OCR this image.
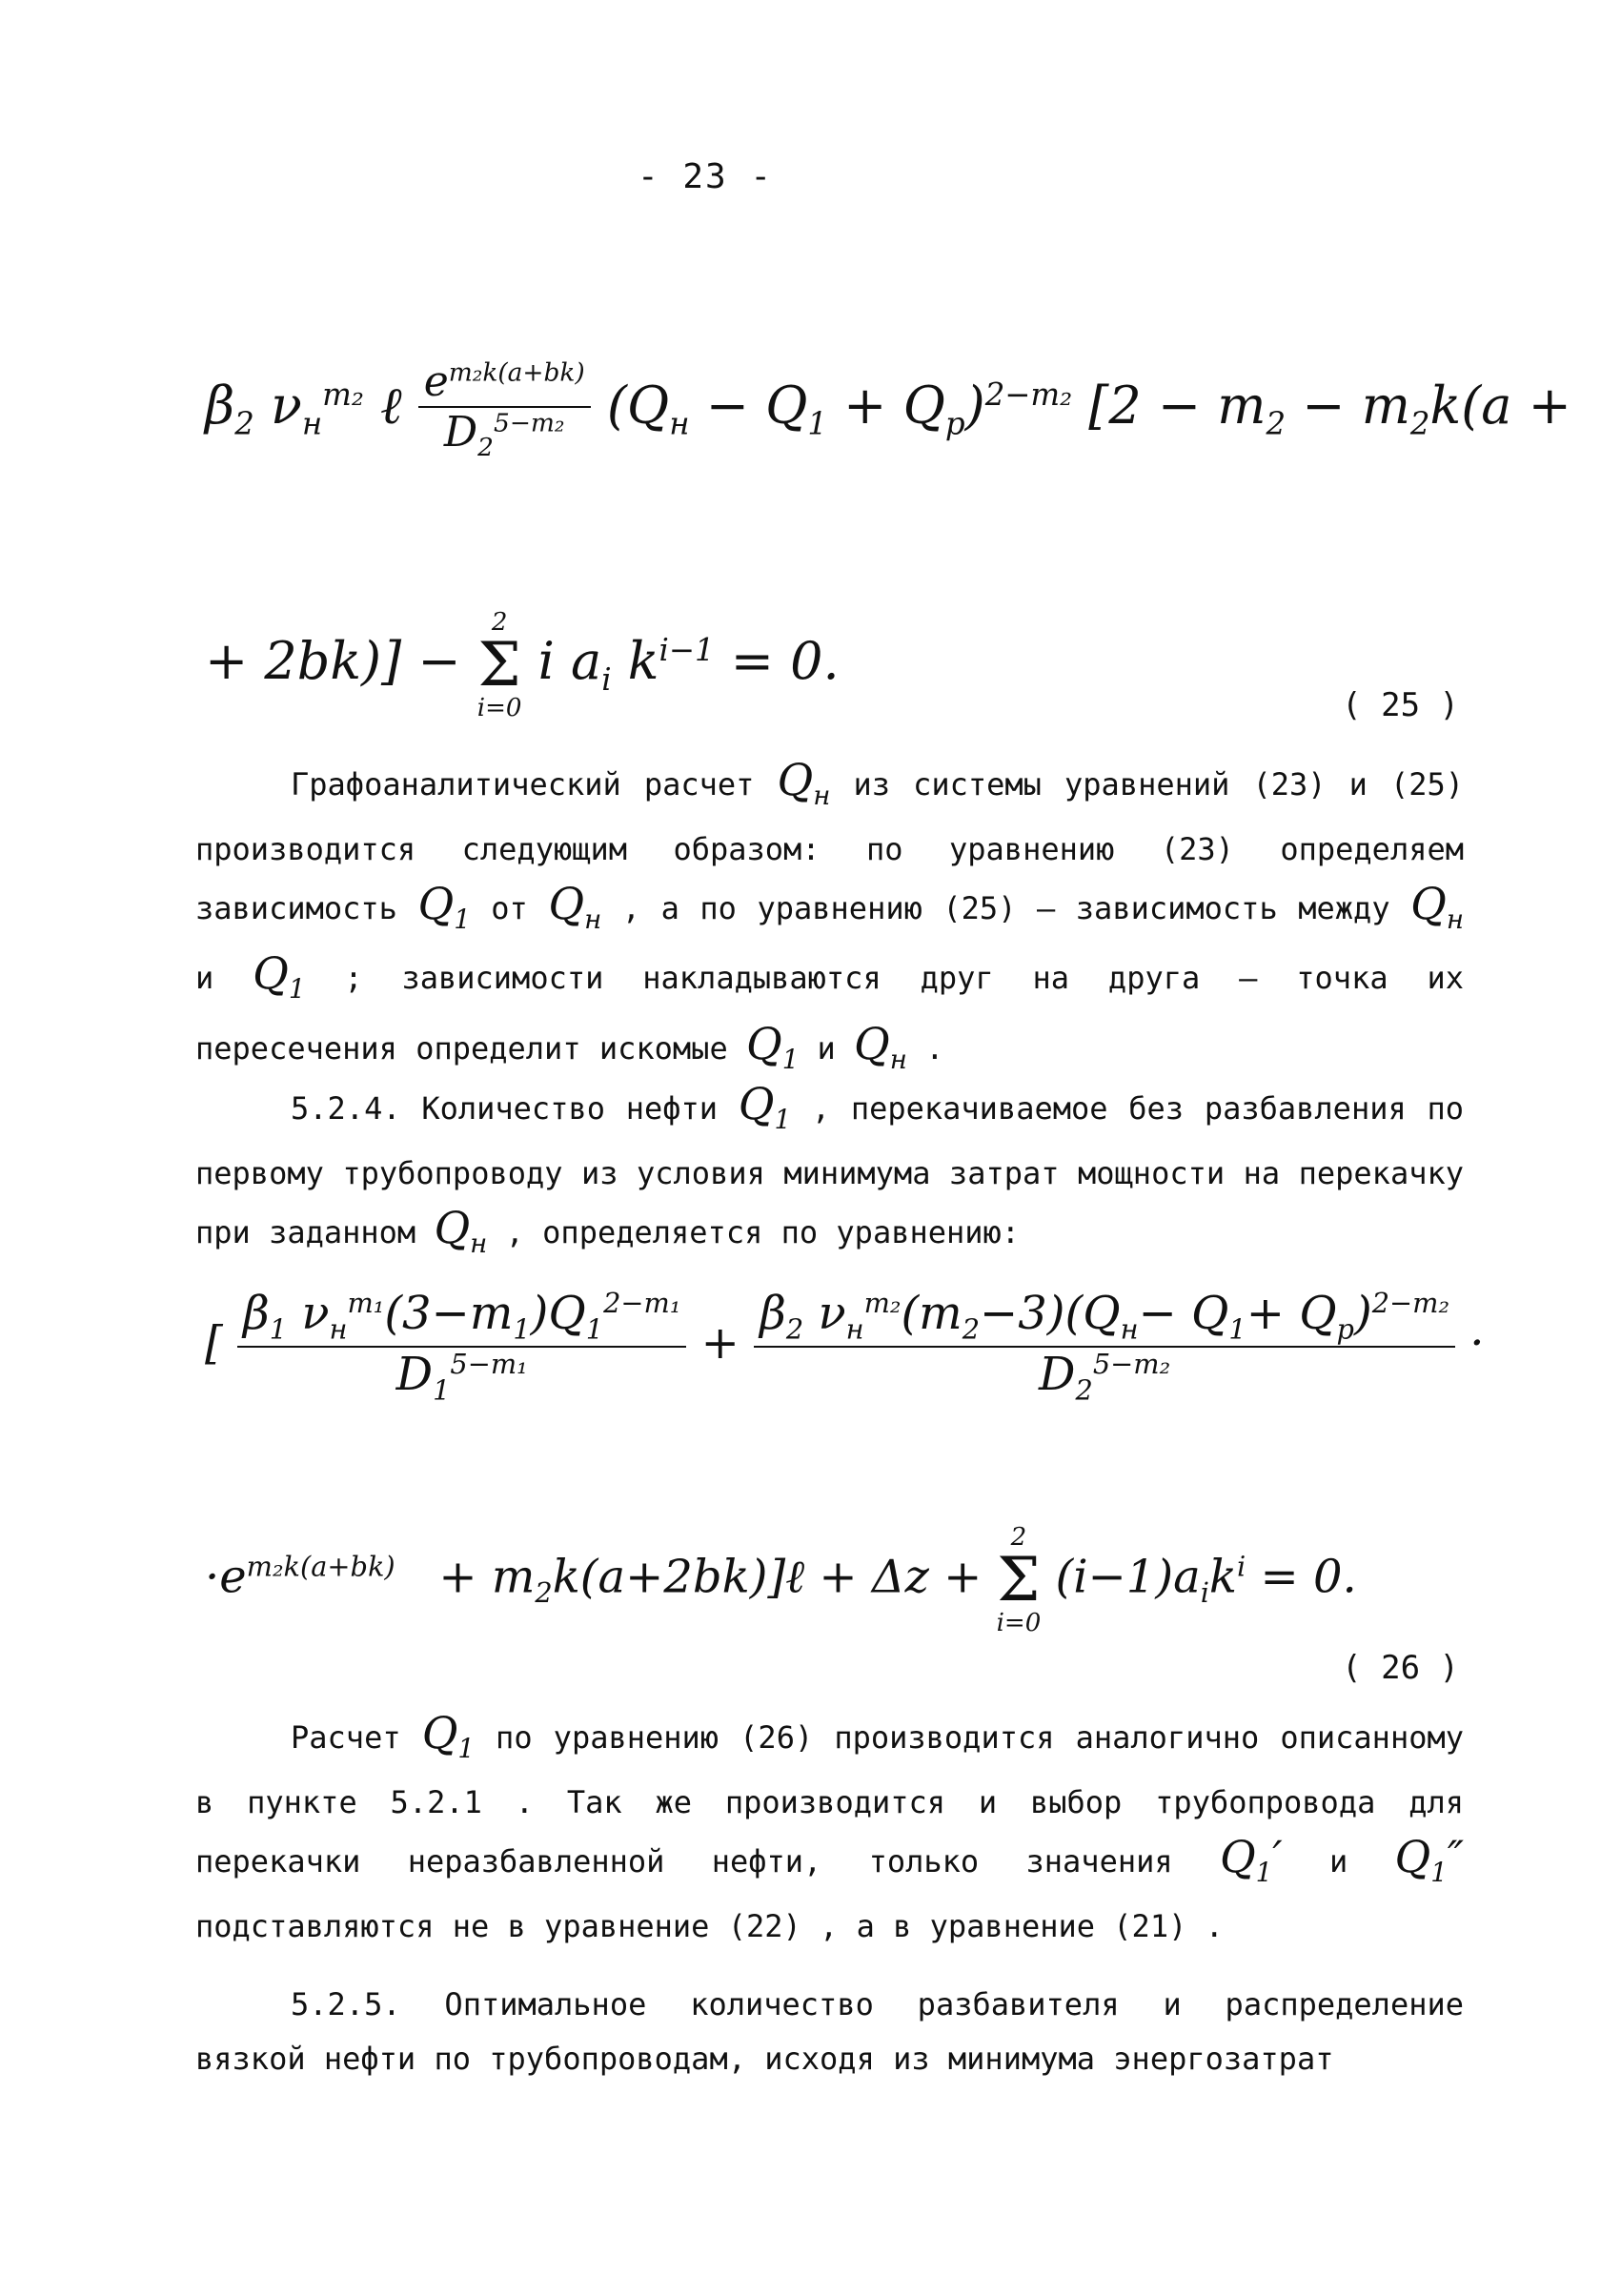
- 23 -
$\beta_2$ $\nu_н^{m_2}$ ℓ $\frac{e^{m_2k(a+bk)}}{D_2^{5-m_2}} (Q_н - Q_1 + Q_р)^{2-m_2}$ [$2 - m_2 - m_2k(a$ +
+ 2bk)] −
2
Σ
i=0
i $a_i$ $k^{i-1} = 0$.
( 25 )
Графоаналитический расчет $Q_н$ из системы уравнений (23) и (25) производится следующим образом: по уравнению (23) определяем зависимость $Q_1$ от $Q_н$ , а по уравнению (25) – зависимость между $Q_н$ и $Q_1$ ; зависимости накладываются друг на друга – точка их пересечения определит искомые $Q_1$ и $Q_н$ .
5.2.4. Количество нефти $Q_1$ , перекачиваемое без разбавления по первому трубопроводу из условия минимума затрат мощности на перекачку при заданном $Q_н$ , определяется по уравнению:
[ $\frac{\beta_1 \nu_н^{m_1}(3-m_1)Q_1^{2-m_1}}{D_1^{5-m_1}} + \frac{\beta_2 \nu_н^{m_2}(m_2-3)(Q_н- Q_1+ Q_р)^{2-m_2}}{D_2^{5-m_2}}$ ·
$\cdot e^{m_2k(a+bk)}$   + $m_2k(a+2bk)]\ell + \Delta z$ +
2
Σ
i=0
$(i-1)a_ik^i = 0$.
( 26 )
Расчет $Q_1$ по уравнению (26) производится аналогично описанному в пункте 5.2.1 . Так же производится и выбор трубопровода для перекачки неразбавленной нефти, только значения $Q_1'$ и $Q_1''$ подставляются не в уравнение (22) , а в уравнение (21) .
5.2.5. Оптимальное количество разбавителя и распределение вязкой нефти по трубопроводам, исходя из минимума энергозатрат
